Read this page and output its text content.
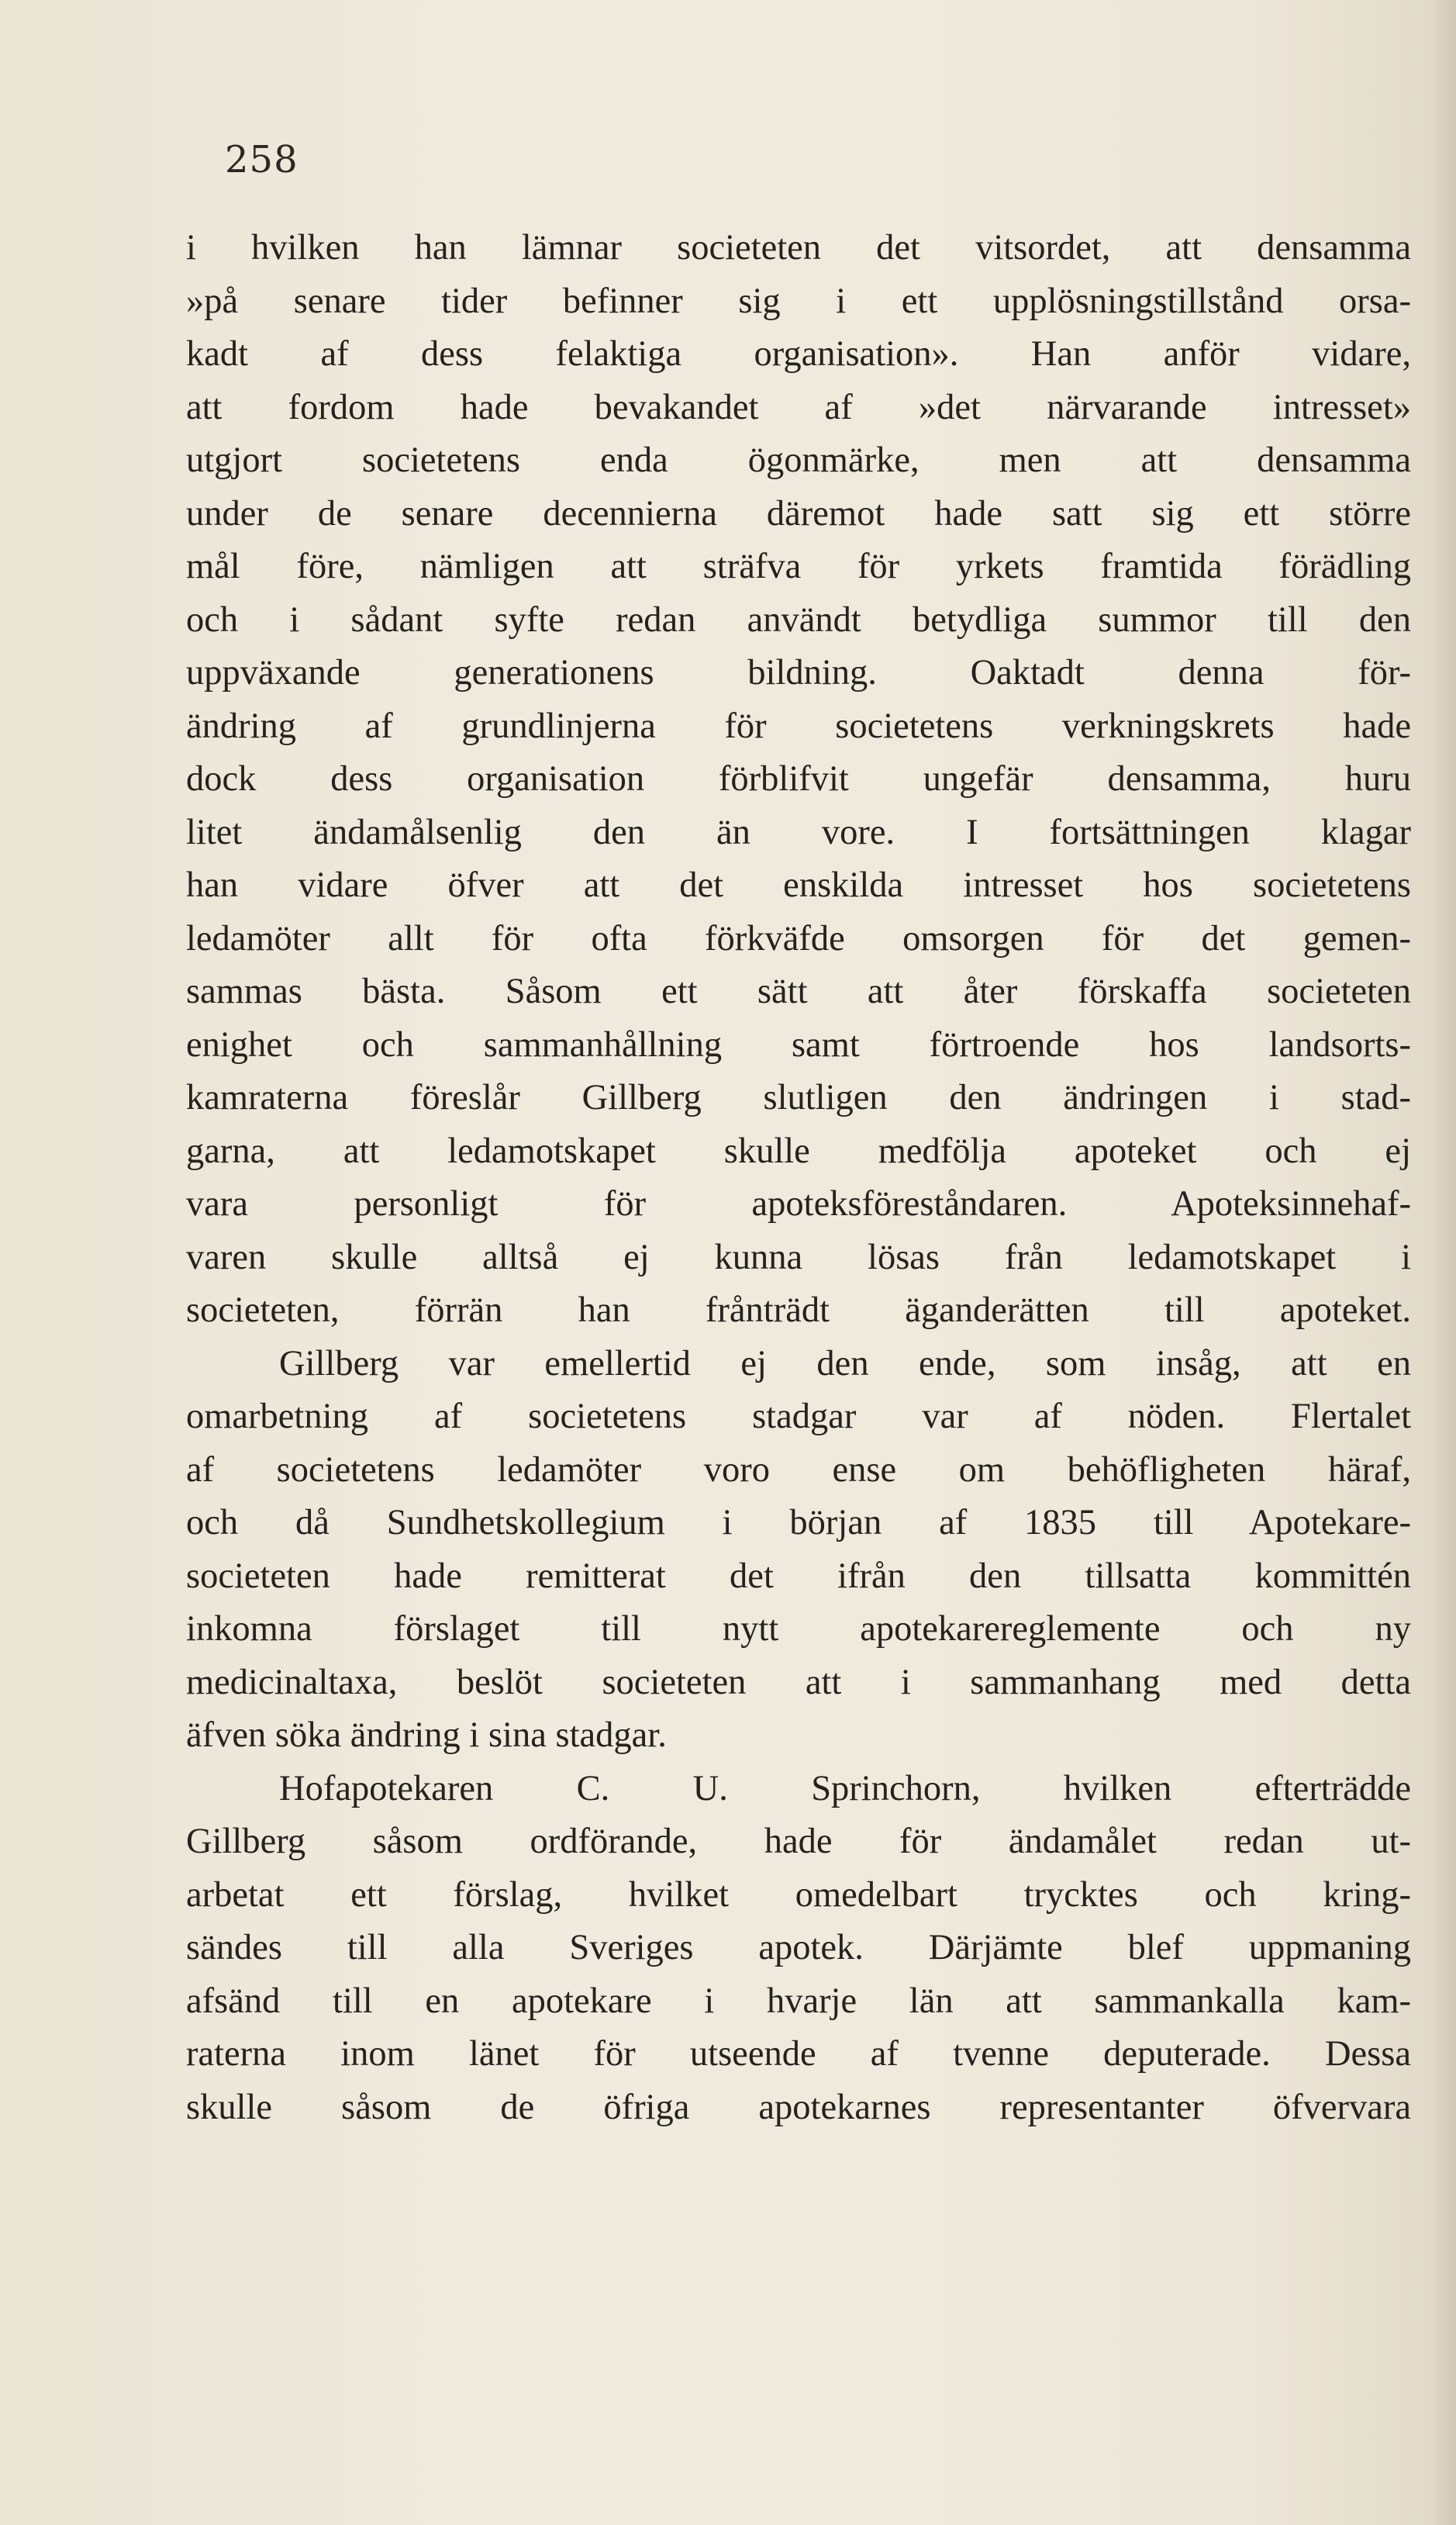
258

i hvilken han lämnar societeten det vitsordet, att densamma
»på senare tider befinner sig i ett upplösningstillstånd orsa-
kadt af dess felaktiga organisation». Han anför vidare,
att fordom hade bevakandet af »det närvarande intresset»
utgjort societetens enda ögonmärke, men att densamma
under de senare decennierna däremot hade satt sig ett större
mål före, nämligen att sträfva för yrkets framtida förädling
och i sådant syfte redan användt betydliga summor till den
uppväxande generationens bildning. Oaktadt denna för-
ändring af grundlinjerna för societetens verkningskrets hade
dock dess organisation förblifvit ungefär densamma, huru
litet ändamålsenlig den än vore. I fortsättningen klagar
han vidare öfver att det enskilda intresset hos societetens
ledamöter allt för ofta förkväfde omsorgen för det gemen-
sammas bästa. Såsom ett sätt att åter förskaffa societeten
enighet och sammanhållning samt förtroende hos landsorts-
kamraterna föreslår Gillberg slutligen den ändringen i stad-
garna, att ledamotskapet skulle medfölja apoteket och ej
vara personligt för apoteksföreståndaren. Apoteksinnehaf-
varen skulle alltså ej kunna lösas från ledamotskapet i
societeten, förrän han frånträdt äganderätten till apoteket.
Gillberg var emellertid ej den ende, som insåg, att en
omarbetning af societetens stadgar var af nöden. Flertalet
af societetens ledamöter voro ense om behöfligheten häraf,
och då Sundhetskollegium i början af 1835 till Apotekare-
societeten hade remitterat det ifrån den tillsatta kommittén
inkomna förslaget till nytt apotekarereglemente och ny
medicinaltaxa, beslöt societeten att i sammanhang med detta
äfven söka ändring i sina stadgar.
Hofapotekaren C. U. Sprinchorn, hvilken efterträdde
Gillberg såsom ordförande, hade för ändamålet redan ut-
arbetat ett förslag, hvilket omedelbart trycktes och kring-
sändes till alla Sveriges apotek. Därjämte blef uppmaning
afsänd till en apotekare i hvarje län att sammankalla kam-
raterna inom länet för utseende af tvenne deputerade. Dessa
skulle såsom de öfriga apotekarnes representanter öfvervara
